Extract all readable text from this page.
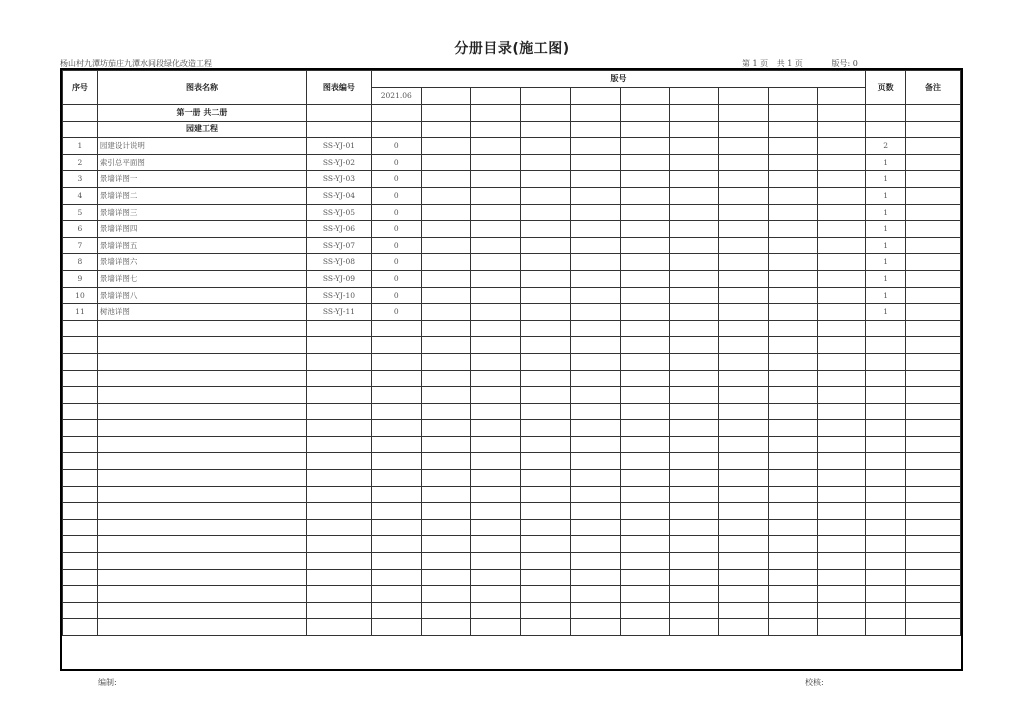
分册目录(施工图)
杨山村九潭坊茄庄九潭水间段绿化改造工程	第 1 页 共 1 页	版号: 0
序号	图表名称	图表编号	版号										页数	备注
			2021.06											
	第一册 共二册													
	园建工程													
1	园建设计说明	SS-YJ-01	0										2	
2	索引总平面图	SS-YJ-02	0										1	
3	景墙详图一	SS-YJ-03	0										1	
4	景墙详图二	SS-YJ-04	0										1	
5	景墙详图三	SS-YJ-05	0										1	
6	景墙详图四	SS-YJ-06	0										1	
7	景墙详图五	SS-YJ-07	0										1	
8	景墙详图六	SS-YJ-08	0										1	
9	景墙详图七	SS-YJ-09	0										1	
10	景墙详图八	SS-YJ-10	0										1	
11	树池详图	SS-YJ-11	0										1	

编制:	校核:
